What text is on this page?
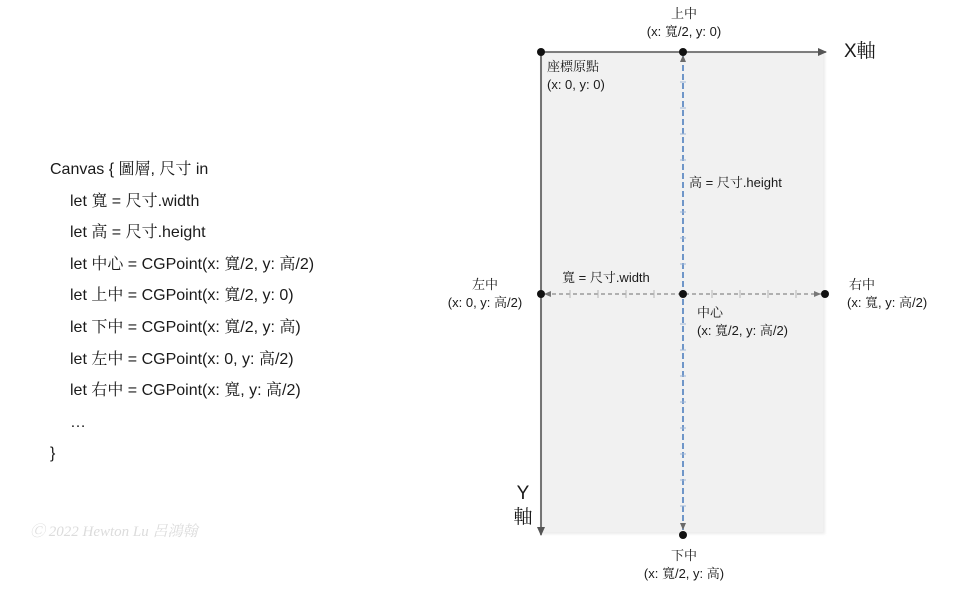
Canvas { 圖層, 尺寸 in
let 寬 = 尺寸.width
let 高 = 尺寸.height
let 中心 = CGPoint(x: 寬/2, y: 高/2)
let 上中 = CGPoint(x: 寬/2, y: 0)
let 下中 = CGPoint(x: 寬/2, y: 高)
let 左中 = CGPoint(x: 0, y: 高/2)
let 右中 = CGPoint(x: 寬, y: 高/2)
…
}
Ⓒ 2022 Hewton Lu 呂鴻翰
X軸
Y
軸
上中
(x: 寬/2, y: 0)
座標原點
(x: 0, y: 0)
高 = 尺寸.height
寬 = 尺寸.width
左中
(x: 0, y: 高/2)
右中
(x: 寬, y: 高/2)
中心
(x: 寬/2, y: 高/2)
下中
(x: 寬/2, y: 高)
